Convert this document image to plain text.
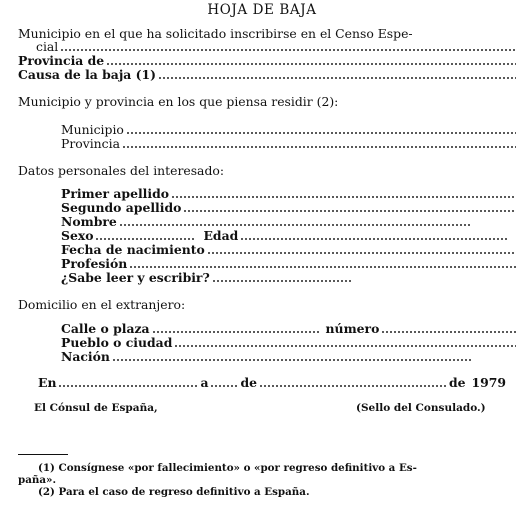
HOJA DE BAJA
Municipio en el que ha solicitado inscribirse en el Censo Espe-
cial
Provincia de
Causa de la baja (1)
Municipio y provincia en los que piensa residir (2):
Municipio
Provincia
Datos personales del interesado:
Primer apellido
Segundo apellido
Nombre
Sexo	Edad
Fecha de nacimiento
Profesión
¿Sabe leer y escribir?
Domicilio en el extranjero:
Calle o plaza	número
Pueblo o ciudad
Nación
En	a	de	de 1979
El Cónsul de España,	(Sello del Consulado.)
(1) Consígnese «por fallecimiento» o «por regreso definitivo a Es-
paña».
(2) Para el caso de regreso definitivo a España.
